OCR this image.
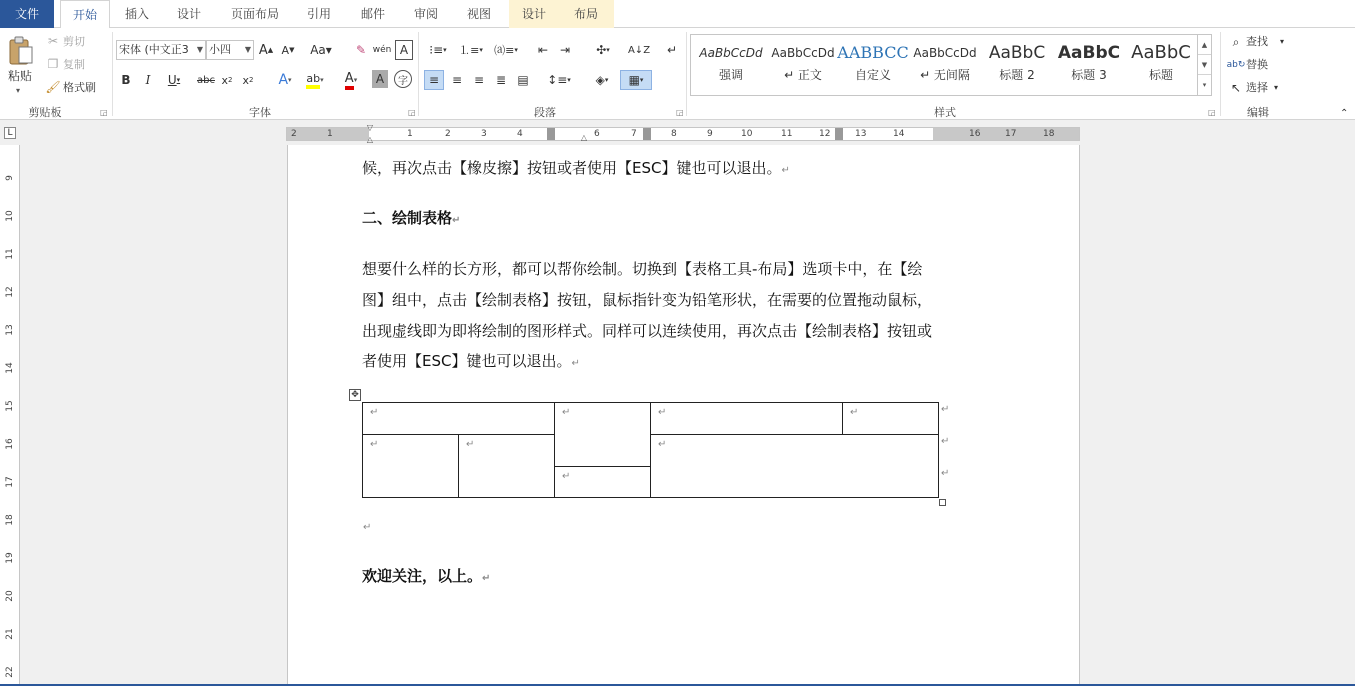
文件	开始	插入	设计	页面布局	引用	邮件	审阅	视图	设计	布局
粘贴
▾
✂ 剪切
❐ 复制
🖌 格式刷
剪贴板	◲
宋体 (中文正3 ▼ 小四 ▼ A ▲ A ▼	Aa▾	✎ wén A
B	I	U ▾ abc x 2 x 2	A ▾ ab ▾ A ▾	A	字
字体	◲
⁝≡ ▾ ⒈≡ ▾	⒜≡ ▾	⇤ ⇥	✣ ▾ A↓Z ↵
≡	≡ ≡ ≣ ▤ ↕≡ ▾	◈ ▾	▦ ▾
段落	◲
AaBbCcDd
强调
AaBbCcDd
↵ 正文
AABBCC
自定义
AaBbCcDd
↵ 无间隔
AaBbC
标题 2
AaBbC
标题 3
AaBbC
标题
▲
▼
▾
样式	◲
⌕ 查找 ▾
ab↻ 替换
↖ 选择 ▾
编辑	⌃
2	1	1	2	3	4	6	7	8	9	10	11	12	13	14	16	17	18
▽
△	△
L
9
10
11
12
13
14
15
16
17
18
19
20
21
22
候，再次点击【橡皮擦】按钮或者使用【ESC】键也可以退出。↵
二、绘制表格↵
想要什么样的长方形，都可以帮你绘制。切换到【表格工具-布局】选项卡中，在【绘
图】组中，点击【绘制表格】按钮，鼠标指针变为铅笔形状，在需要的位置拖动鼠标，
出现虚线即为即将绘制的图形样式。同样可以连续使用，再次点击【绘制表格】按钮或
者使用【ESC】键也可以退出。↵
✥
↵	↵	↵	↵
↵	↵	↵
↵
↵
↵
↵
↵
欢迎关注，以上。↵
